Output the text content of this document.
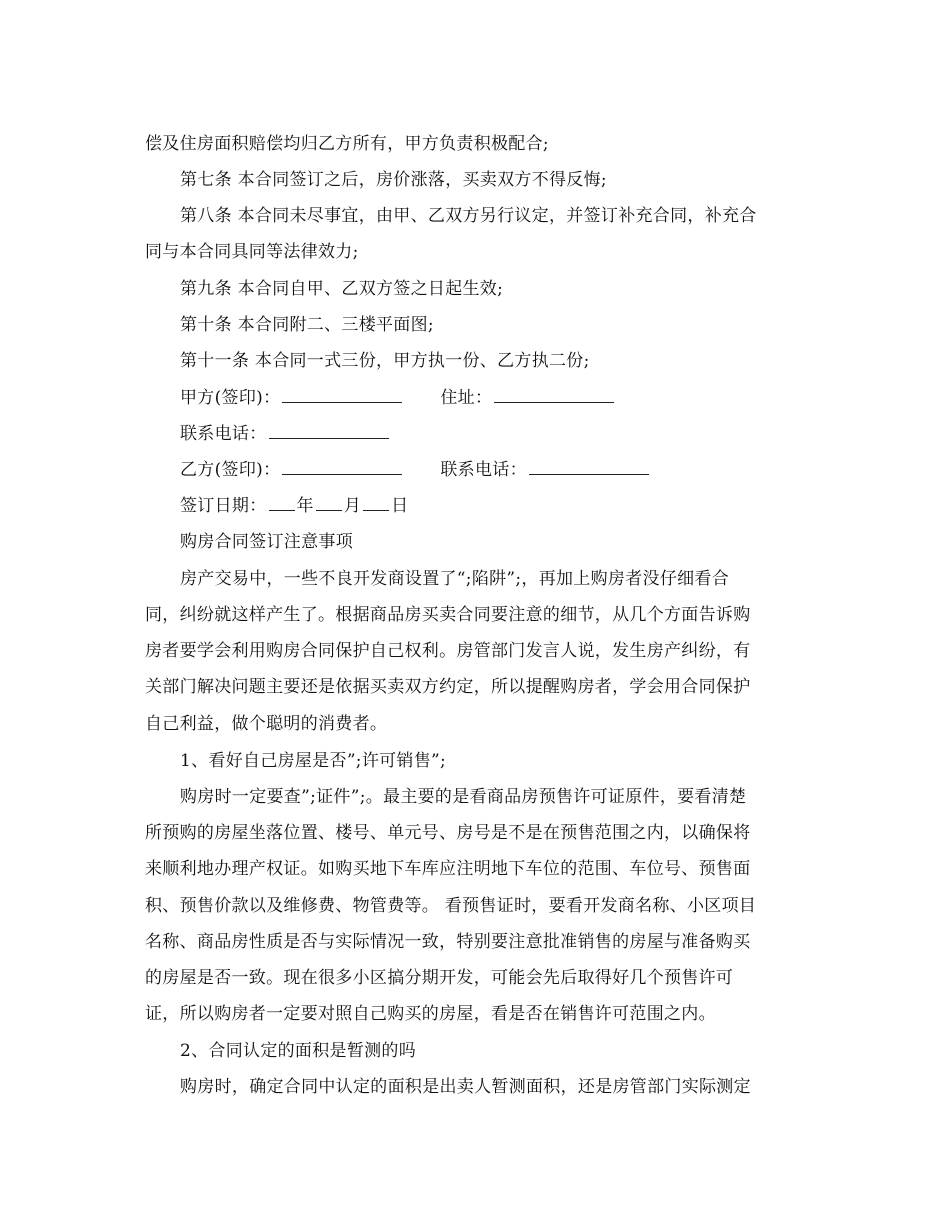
偿及住房面积赔偿均归乙方所有，甲方负责积极配合;
第七条 本合同签订之后，房价涨落，买卖双方不得反悔;
第八条 本合同未尽事宜，由甲、乙双方另行议定，并签订补充合同，补充合
同与本合同具同等法律效力;
第九条 本合同自甲、乙双方签之日起生效;
第十条 本合同附二、三楼平面图;
第十一条 本合同一式三份，甲方执一份、乙方执二份;
甲方(签印)：	住址：
联系电话：
乙方(签印)：	联系电话：
签订日期： 年 月 日
购房合同签订注意事项
房产交易中，一些不良开发商设置了“;陷阱”;，再加上购房者没仔细看合
同，纠纷就这样产生了。根据商品房买卖合同要注意的细节，从几个方面告诉购
房者要学会利用购房合同保护自己权利。房管部门发言人说，发生房产纠纷，有
关部门解决问题主要还是依据买卖双方约定，所以提醒购房者，学会用合同保护
自己利益，做个聪明的消费者。
1、看好自己房屋是否”;许可销售”;
购房时一定要查”;证件”;。最主要的是看商品房预售许可证原件，要看清楚
所预购的房屋坐落位置、楼号、单元号、房号是不是在预售范围之内，以确保将
来顺利地办理产权证。如购买地下车库应注明地下车位的范围、车位号、预售面
积、预售价款以及维修费、物管费等。 看预售证时，要看开发商名称、小区项目
名称、商品房性质是否与实际情况一致，特别要注意批准销售的房屋与准备购买
的房屋是否一致。现在很多小区搞分期开发，可能会先后取得好几个预售许可
证，所以购房者一定要对照自己购买的房屋，看是否在销售许可范围之内。
2、合同认定的面积是暂测的吗
购房时，确定合同中认定的面积是出卖人暂测面积，还是房管部门实际测定
